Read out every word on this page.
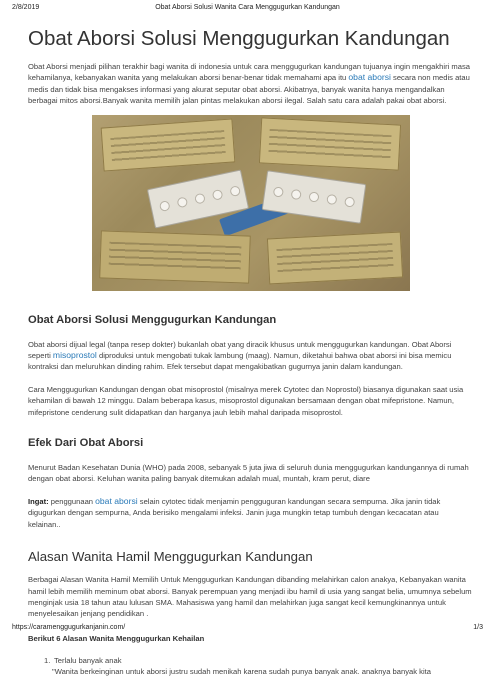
2/8/2019	Obat Aborsi Solusi Wanita Cara Menggugurkan Kandungan
Obat Aborsi Solusi Menggugurkan Kandungan

Obat Aborsi menjadi pilihan terakhir bagi wanita di indonesia untuk cara menggugurkan kandungan tujuanya ingin mengakhiri masa kehamilanya, kebanyakan wanita yang melakukan aborsi benar-benar tidak memahami apa itu obat aborsi secara non medis atau medis dan tidak bisa mengakses informasi yang akurat seputar obat aborsi. Akibatnya, banyak wanita hanya mengandalkan berbagai mitos aborsi.Banyak wanita memilih jalan pintas melakukan aborsi ilegal. Salah satu cara adalah pakai obat aborsi.

Obat Aborsi Solusi Menggugurkan Kandungan

Obat aborsi dijual legal (tanpa resep dokter) bukanlah obat yang diracik khusus untuk menggugurkan kandungan. Obat Aborsi seperti misoprostol diproduksi untuk mengobati tukak lambung (maag). Namun, diketahui bahwa obat aborsi ini bisa memicu kontraksi dan meluruhkan dinding rahim. Efek tersebut dapat mengakibatkan gugurnya janin dalam kandungan.

Cara Menggugurkan Kandungan dengan obat misoprostol (misalnya merek Cytotec dan Noprostol) biasanya digunakan saat usia kehamilan di bawah 12 minggu. Dalam beberapa kasus, misoprostol digunakan bersamaan dengan obat mifepristone. Namun, mifepristone cenderung sulit didapatkan dan harganya jauh lebih mahal daripada misoprostol.

Efek Dari Obat Aborsi

Menurut Badan Kesehatan Dunia (WHO) pada 2008, sebanyak 5 juta jiwa di seluruh dunia menggugurkan kandungannya di rumah dengan obat aborsi. Keluhan wanita paling banyak ditemukan adalah mual, muntah, kram perut, diare

Ingat: penggunaan obat aborsi selain cytotec tidak menjamin pengguguran kandungan secara sempurna. Jika janin tidak digugurkan dengan sempurna, Anda berisiko mengalami infeksi. Janin juga mungkin tetap tumbuh dengan kecacatan atau kelainan..

Alasan Wanita Hamil Menggugurkan Kandungan

Berbagai Alasan Wanita Hamil Memilih Untuk Menggugurkan Kandungan dibanding melahirkan calon anakya, Kebanyakan wanita hamil lebih memilih meminum obat aborsi. Banyak perempuan yang menjadi ibu hamil di usia yang sangat belia, umumnya sebelum menginjak usia 18 tahun atau lulusan SMA. Mahasiswa yang hamil dan melahirkan juga sangat kecil kemungkinannya untuk menyelesaikan jenjang pendidikan .

Berikut 6 Alasan Wanita Menggugurkan Kehailan
1. Terlalu banyak anak
"Wanita berkeinginan untuk aborsi justru sudah menikah karena sudah punya banyak anak. anaknya banyak kita
https://caramenggugurkanjanin.com/	1/3
